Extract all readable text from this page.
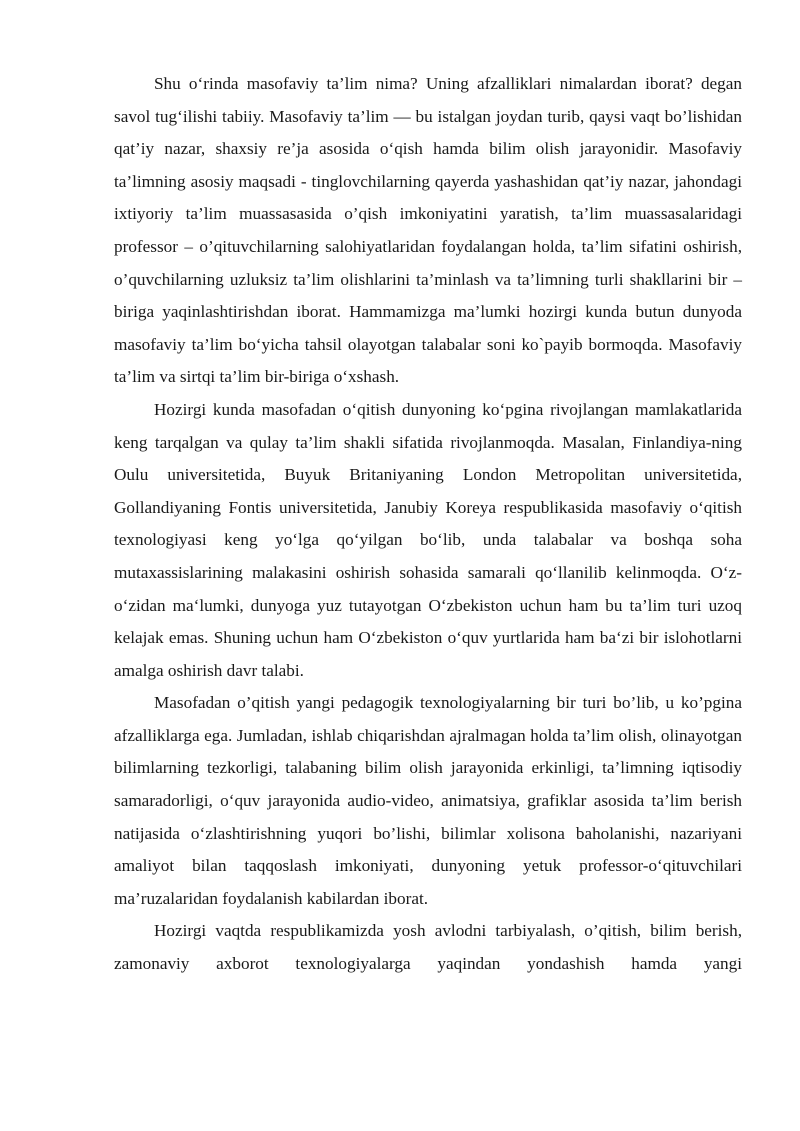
Shu o‘rinda masofaviy ta’lim nima? Uning afzalliklari nimalardan iborat? degan savol tug‘ilishi tabiiy. Masofaviy ta’lim — bu istalgan joydan turib, qaysi vaqt bo’lishidan qat’iy nazar, shaxsiy re’ja asosida o‘qish hamda bilim olish jarayonidir. Masofaviy ta’limning asosiy maqsadi - tinglovchilarning qayerda yashashidan qat’iy nazar, jahondagi ixtiyoriy ta’lim muassasasida o’qish imkoniyatini yaratish, ta’lim muassasalaridagi professor – o’qituvchilarning salohiyatlaridan foydalangan holda, ta’lim sifatini oshirish, o’quvchilarning uzluksiz ta’lim olishlarini ta’minlash va ta’limning turli shakllarini bir – biriga yaqinlashtirishdan iborat. Hammamizga ma’lumki hozirgi kunda butun dunyoda masofaviy ta’lim bo‘yicha tahsil olayotgan talabalar soni ko`payib bormoqda. Masofaviy ta’lim va sirtqi ta’lim bir-biriga o‘xshash.

Hozirgi kunda masofadan o‘qitish dunyoning ko‘pgina rivojlangan mamlakatlarida keng tarqalgan va qulay ta’lim shakli sifatida rivojlanmoqda. Masalan, Finlandiya-ning Oulu universitetida, Buyuk Britaniyaning London Metropolitan universitetida, Gollandiyaning Fontis universitetida, Janubiy Koreya respublikasida masofaviy o‘qitish texnologiyasi keng yo‘lga qo‘yilgan bo‘lib, unda talabalar va boshqa soha mutaxassislarining malakasini oshirish sohasida samarali qo‘llanilib kelinmoqda. O‘z-o‘zidan ma‘lumki, dunyoga yuz tutayotgan O‘zbekiston uchun ham bu ta’lim turi uzoq kelajak emas. Shuning uchun ham O‘zbekiston o‘quv yurtlarida ham ba‘zi bir islohotlarni amalga oshirish davr talabi.

Masofadan o’qitish yangi pedagogik texnologiyalarning bir turi bo’lib, u ko’pgina afzalliklarga ega. Jumladan, ishlab chiqarishdan ajralmagan holda ta’lim olish, olinayotgan bilimlarning tezkorligi, talabaning bilim olish jarayonida erkinligi, ta’limning iqtisodiy samaradorligi, o‘quv jarayonida audio-video, animatsiya, grafiklar asosida ta’lim berish natijasida o‘zlashtirishning yuqori bo’lishi, bilimlar xolisona baholanishi, nazariyani amaliyot bilan taqqoslash imkoniyati, dunyoning yetuk professor-o‘qituvchilari ma’ruzalaridan foydalanish kabilardan iborat.

Hozirgi vaqtda respublikamizda yosh avlodni tarbiyalash, o’qitish, bilim berish, zamonaviy axborot texnologiyalarga yaqindan yondashish hamda yangi
